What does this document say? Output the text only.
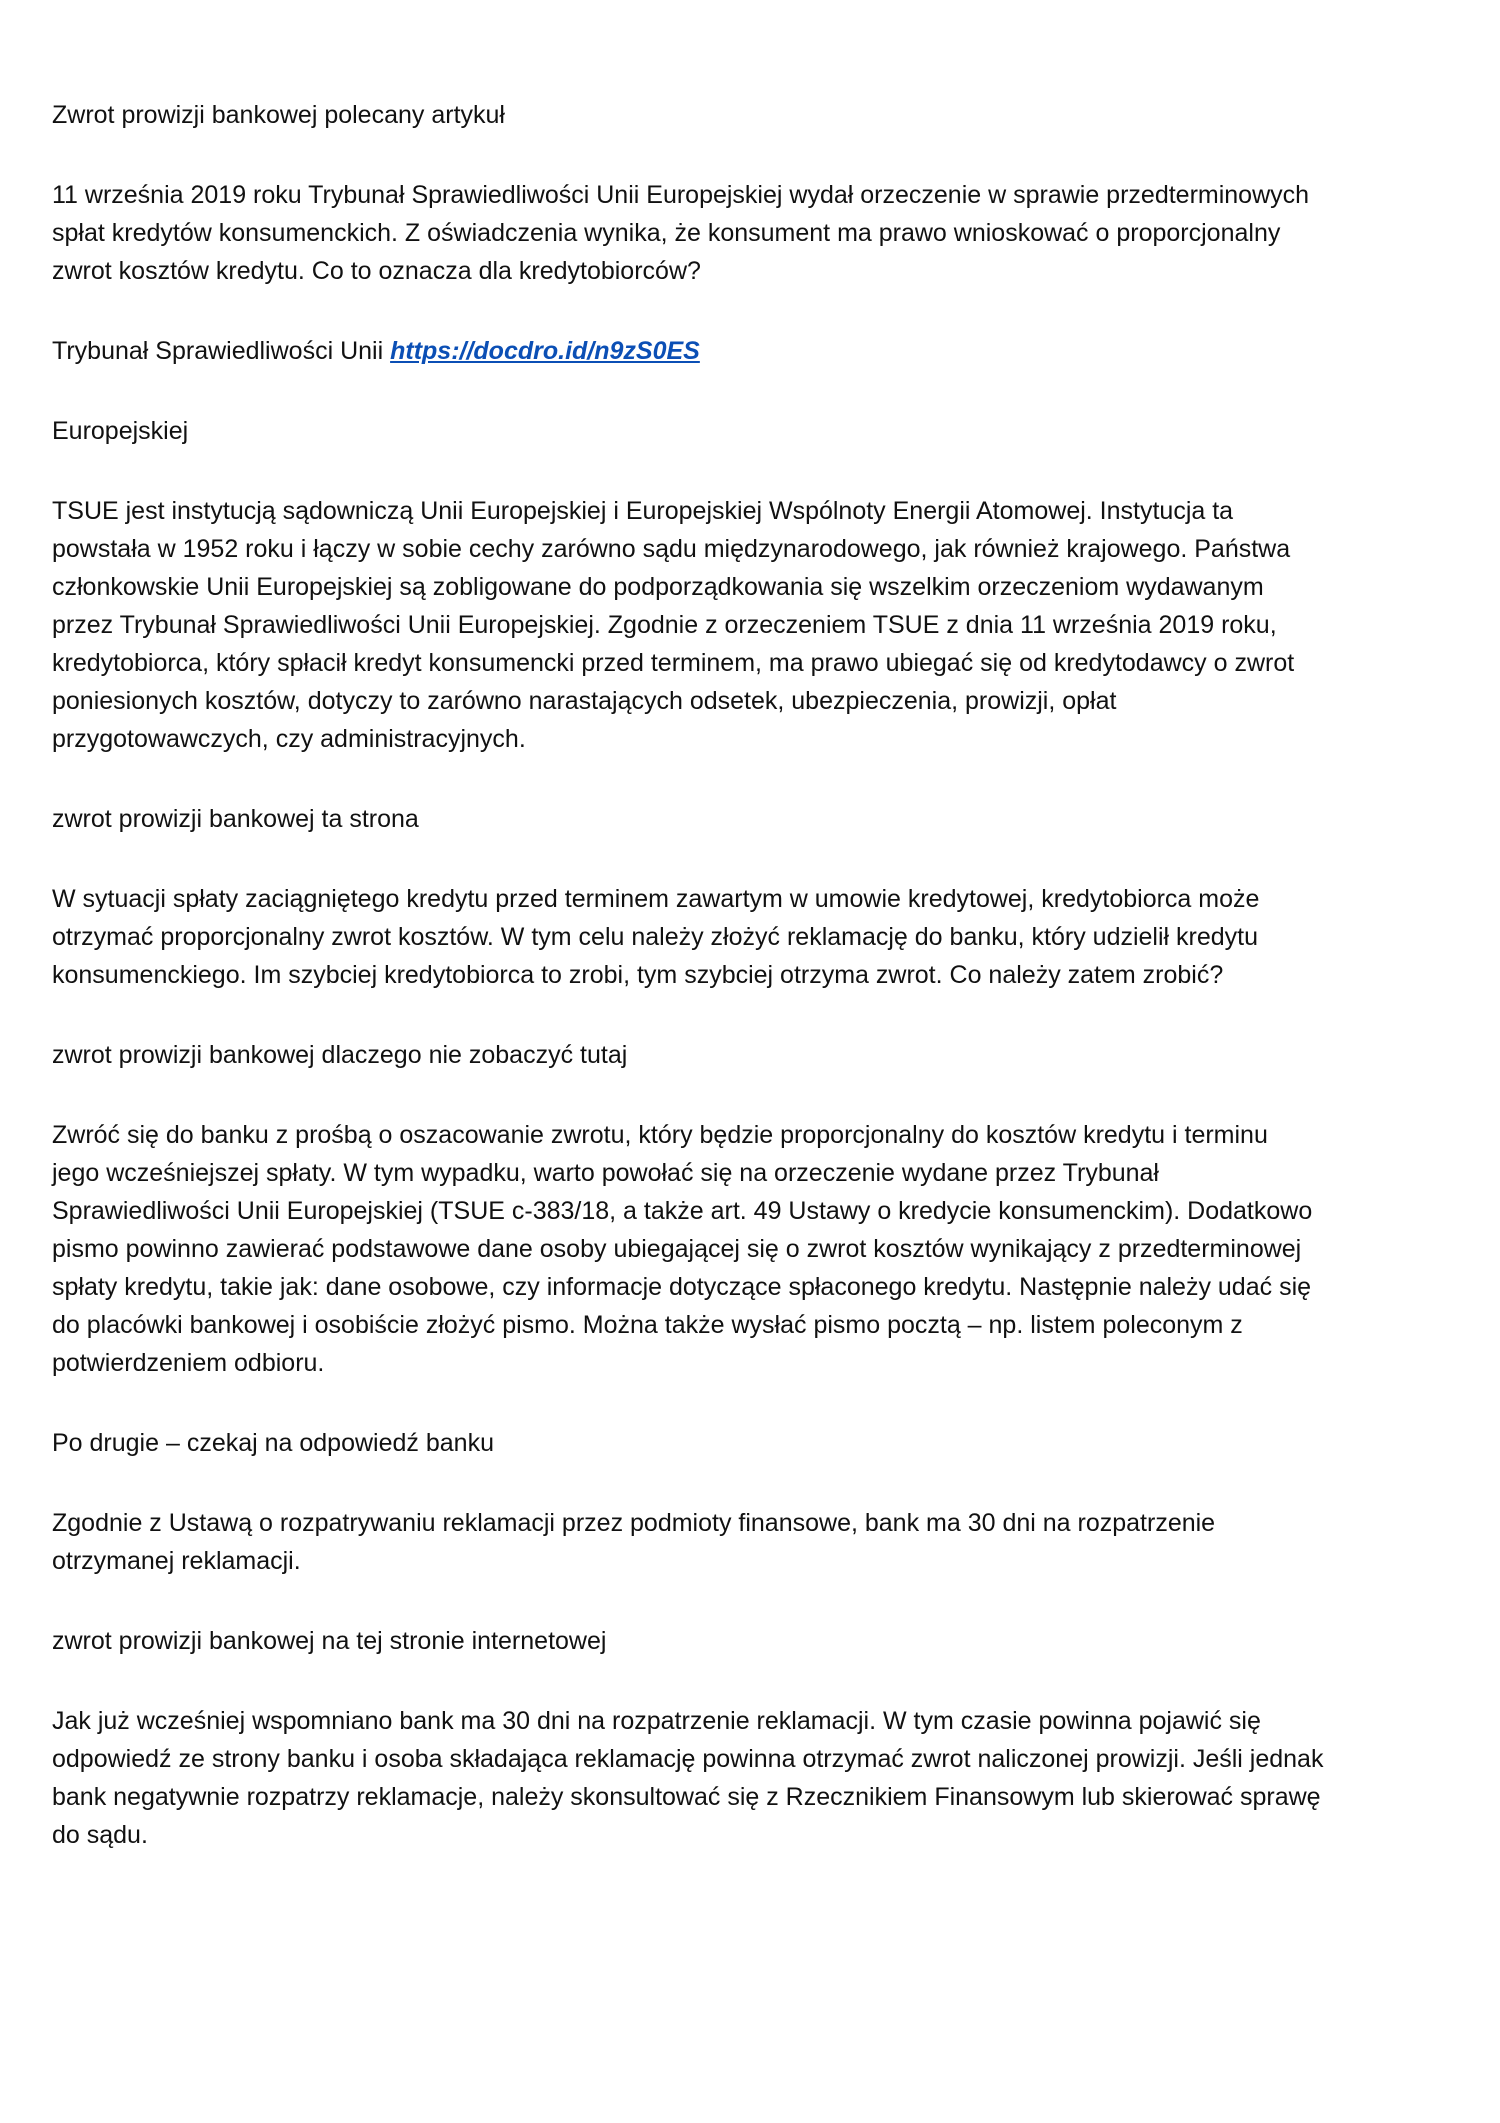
Zwrot prowizji bankowej polecany artykuł
11 września 2019 roku Trybunał Sprawiedliwości Unii Europejskiej wydał orzeczenie w sprawie przedterminowych
spłat kredytów konsumenckich. Z oświadczenia wynika, że konsument ma prawo wnioskować o proporcjonalny
zwrot kosztów kredytu. Co to oznacza dla kredytobiorców?
Trybunał Sprawiedliwości Unii https://docdro.id/n9zS0ES
Europejskiej
TSUE jest instytucją sądowniczą Unii Europejskiej i Europejskiej Wspólnoty Energii Atomowej. Instytucja ta
powstała w 1952 roku i łączy w sobie cechy zarówno sądu międzynarodowego, jak również krajowego. Państwa
członkowskie Unii Europejskiej są zobligowane do podporządkowania się wszelkim orzeczeniom wydawanym
przez Trybunał Sprawiedliwości Unii Europejskiej. Zgodnie z orzeczeniem TSUE z dnia 11 września 2019 roku,
kredytobiorca, który spłacił kredyt konsumencki przed terminem, ma prawo ubiegać się od kredytodawcy o zwrot
poniesionych kosztów, dotyczy to zarówno narastających odsetek, ubezpieczenia, prowizji, opłat
przygotowawczych, czy administracyjnych.
zwrot prowizji bankowej ta strona
W sytuacji spłaty zaciągniętego kredytu przed terminem zawartym w umowie kredytowej, kredytobiorca może
otrzymać proporcjonalny zwrot kosztów. W tym celu należy złożyć reklamację do banku, który udzielił kredytu
konsumenckiego. Im szybciej kredytobiorca to zrobi, tym szybciej otrzyma zwrot. Co należy zatem zrobić?
zwrot prowizji bankowej dlaczego nie zobaczyć tutaj
Zwróć się do banku z prośbą o oszacowanie zwrotu, który będzie proporcjonalny do kosztów kredytu i terminu
jego wcześniejszej spłaty. W tym wypadku, warto powołać się na orzeczenie wydane przez Trybunał
Sprawiedliwości Unii Europejskiej (TSUE c-383/18, a także art. 49 Ustawy o kredycie konsumenckim). Dodatkowo
pismo powinno zawierać podstawowe dane osoby ubiegającej się o zwrot kosztów wynikający z przedterminowej
spłaty kredytu, takie jak: dane osobowe, czy informacje dotyczące spłaconego kredytu. Następnie należy udać się
do placówki bankowej i osobiście złożyć pismo. Można także wysłać pismo pocztą – np. listem poleconym z
potwierdzeniem odbioru.
Po drugie – czekaj na odpowiedź banku
Zgodnie z Ustawą o rozpatrywaniu reklamacji przez podmioty finansowe, bank ma 30 dni na rozpatrzenie
otrzymanej reklamacji.
zwrot prowizji bankowej na tej stronie internetowej
Jak już wcześniej wspomniano bank ma 30 dni na rozpatrzenie reklamacji. W tym czasie powinna pojawić się
odpowiedź ze strony banku i osoba składająca reklamację powinna otrzymać zwrot naliczonej prowizji. Jeśli jednak
bank negatywnie rozpatrzy reklamacje, należy skonsultować się z Rzecznikiem Finansowym lub skierować sprawę
do sądu.
